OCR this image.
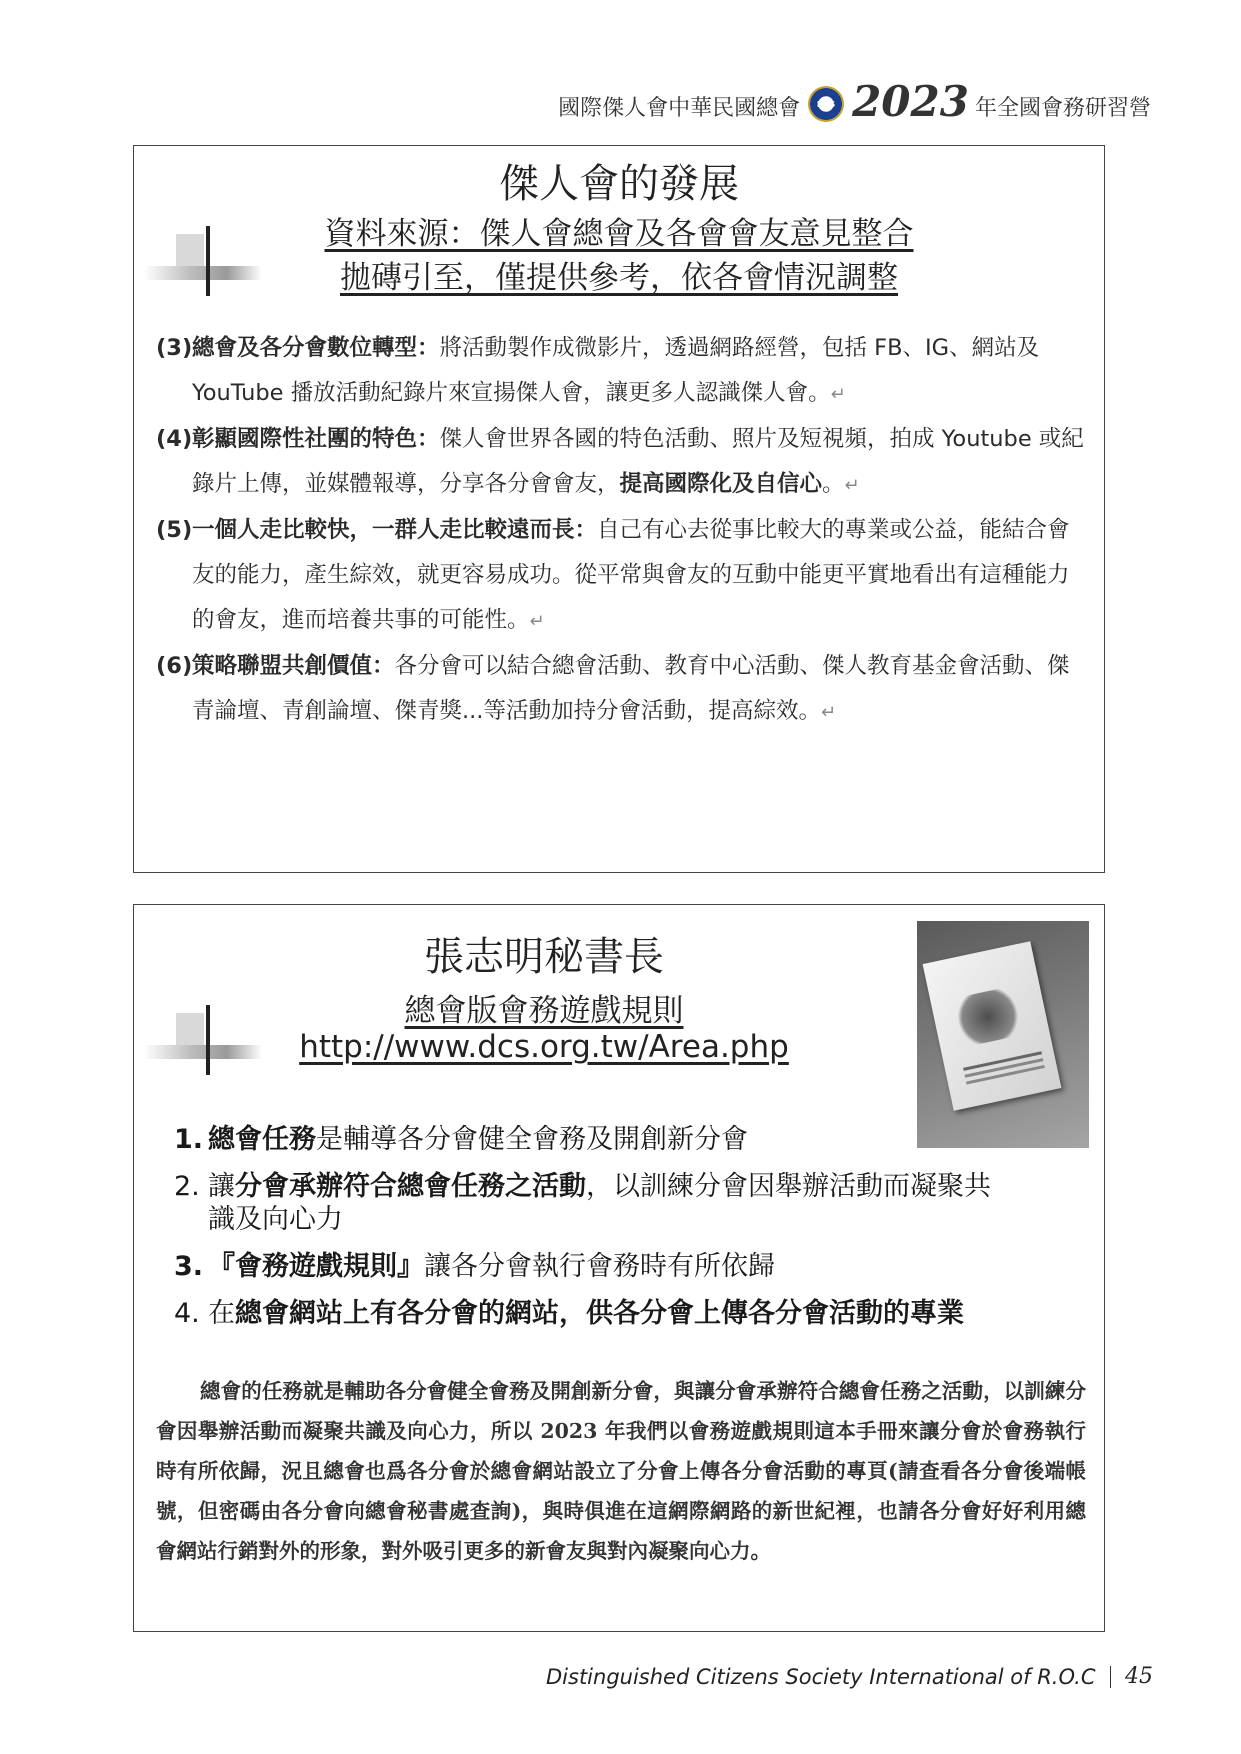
國際傑人會中華民國總會 DCS 2023 年全國會務研習營
傑人會的發展
資料來源：傑人會總會及各會會友意見整合
拋磚引至，僅提供參考，依各會情況調整
(3) 總會及各分會數位轉型：將活動製作成微影片，透過網路經營，包括 FB、IG、網站及 YouTube 播放活動紀錄片來宣揚傑人會，讓更多人認識傑人會。↵
(4) 彰顯國際性社團的特色：傑人會世界各國的特色活動、照片及短視頻，拍成 Youtube 或紀錄片上傳，並媒體報導，分享各分會會友，提高國際化及自信心。↵
(5) 一個人走比較快，一群人走比較遠而長：自己有心去從事比較大的專業或公益，能結合會友的能力，產生綜效，就更容易成功。從平常與會友的互動中能更平實地看出有這種能力的會友，進而培養共事的可能性。↵
(6) 策略聯盟共創價值：各分會可以結合總會活動、教育中心活動、傑人教育基金會活動、傑青論壇、青創論壇、傑青獎...等活動加持分會活動，提高綜效。↵
張志明秘書長
總會版會務遊戲規則
http://www.dcs.org.tw/Area.php
1. 總會任務是輔導各分會健全會務及開創新分會
2. 讓分會承辦符合總會任務之活動，以訓練分會因舉辦活動而凝聚共識及向心力
3. 『會務遊戲規則』讓各分會執行會務時有所依歸
4. 在總會網站上有各分會的網站，供各分會上傳各分會活動的專業
總會的任務就是輔助各分會健全會務及開創新分會，與讓分會承辦符合總會任務之活動，以訓練分會因舉辦活動而凝聚共識及向心力，所以 2023 年我們以會務遊戲規則這本手冊來讓分會於會務執行時有所依歸，況且總會也爲各分會於總會網站設立了分會上傳各分會活動的專頁(請查看各分會後端帳號，但密碼由各分會向總會秘書處查詢)，與時俱進在這網際網路的新世紀裡，也請各分會好好利用總會網站行銷對外的形象，對外吸引更多的新會友與對內凝聚向心力。
Distinguished Citizens Society International of R.O.C 45
